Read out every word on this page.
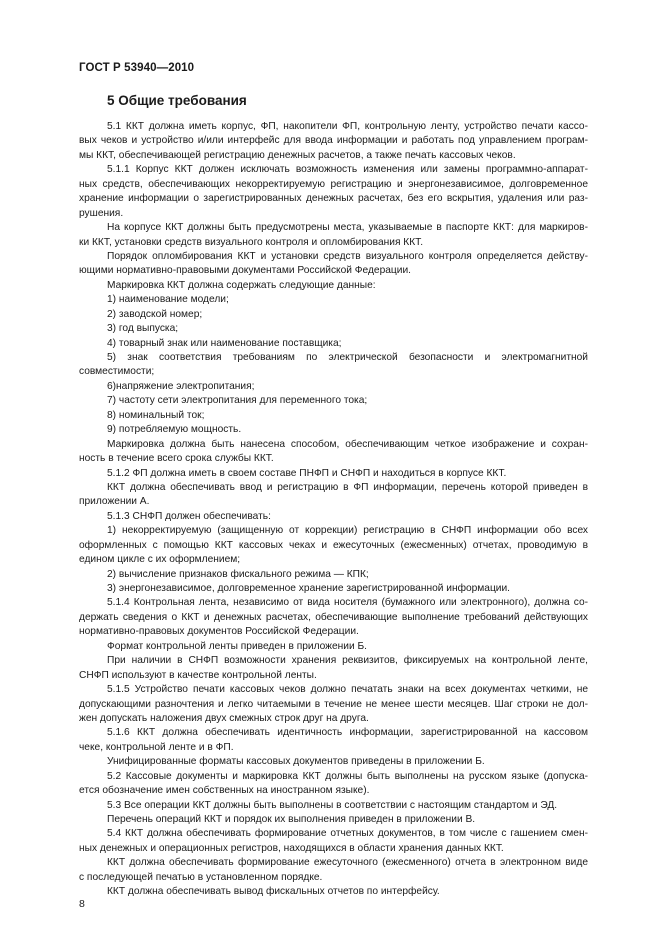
ГОСТ Р 53940—2010
5 Общие требования
5.1 ККТ должна иметь корпус, ФП, накопители ФП, контрольную ленту, устройство печати кассо-
вых чеков и устройство и/или интерфейс для ввода информации и работать под управлением програм-
мы ККТ, обеспечивающей регистрацию денежных расчетов, а также печать кассовых чеков.
5.1.1 Корпус ККТ должен исключать возможность изменения или замены программно-аппарат-
ных средств, обеспечивающих некорректируемую регистрацию и энергонезависимое, долговременное
хранение информации о зарегистрированных денежных расчетах, без его вскрытия, удаления или раз-
рушения.
На корпусе ККТ должны быть предусмотрены места, указываемые в паспорте ККТ: для маркиров-
ки ККТ, установки средств визуального контроля и опломбирования ККТ.
Порядок опломбирования ККТ и установки средств визуального контроля определяется действу-
ющими нормативно-правовыми документами Российской Федерации.
Маркировка ККТ должна содержать следующие данные:
1) наименование модели;
2) заводской номер;
3) год выпуска;
4) товарный знак или наименование поставщика;
5) знак соответствия требованиям по электрической безопасности и электромагнитной
совместимости;
6)напряжение электропитания;
7) частоту сети электропитания для переменного тока;
8) номинальный ток;
9) потребляемую мощность.
Маркировка должна быть нанесена способом, обеспечивающим четкое изображение и сохран-
ность в течение всего срока службы ККТ.
5.1.2 ФП должна иметь в своем составе ПНФП и СНФП и находиться в корпусе ККТ.
ККТ должна обеспечивать ввод и регистрацию в ФП информации, перечень которой приведен в
приложении А.
5.1.3 СНФП должен обеспечивать:
1) некорректируемую (защищенную от коррекции) регистрацию в СНФП информации обо всех
оформленных с помощью ККТ кассовых чеках и ежесуточных (ежесменных) отчетах, проводимую в
едином цикле с их оформлением;
2) вычисление признаков фискального режима — КПК;
3) энергонезависимое, долговременное хранение зарегистрированной информации.
5.1.4 Контрольная лента, независимо от вида носителя (бумажного или электронного), должна со-
держать сведения о ККТ и денежных расчетах, обеспечивающие выполнение требований действующих
нормативно-правовых документов Российской Федерации.
Формат контрольной ленты приведен в приложении Б.
При наличии в СНФП возможности хранения реквизитов, фиксируемых на контрольной ленте,
СНФП используют в качестве контрольной ленты.
5.1.5 Устройство печати кассовых чеков должно печатать знаки на всех документах четкими, не
допускающими разночтения и легко читаемыми в течение не менее шести месяцев. Шаг строки не дол-
жен допускать наложения двух смежных строк друг на друга.
5.1.6 ККТ должна обеспечивать идентичность информации, зарегистрированной на кассовом
чеке, контрольной ленте и в ФП.
Унифицированные форматы кассовых документов приведены в приложении Б.
5.2 Кассовые документы и маркировка ККТ должны быть выполнены на русском языке (допуска-
ется обозначение имен собственных на иностранном языке).
5.3 Все операции ККТ должны быть выполнены в соответствии с настоящим стандартом и ЭД.
Перечень операций ККТ и порядок их выполнения приведен в приложении В.
5.4 ККТ должна обеспечивать формирование отчетных документов, в том числе с гашением смен-
ных денежных и операционных регистров, находящихся в области хранения данных ККТ.
ККТ должна обеспечивать формирование ежесуточного (ежесменного) отчета в электронном виде
с последующей печатью в установленном порядке.
ККТ должна обеспечивать вывод фискальных отчетов по интерфейсу.
8
